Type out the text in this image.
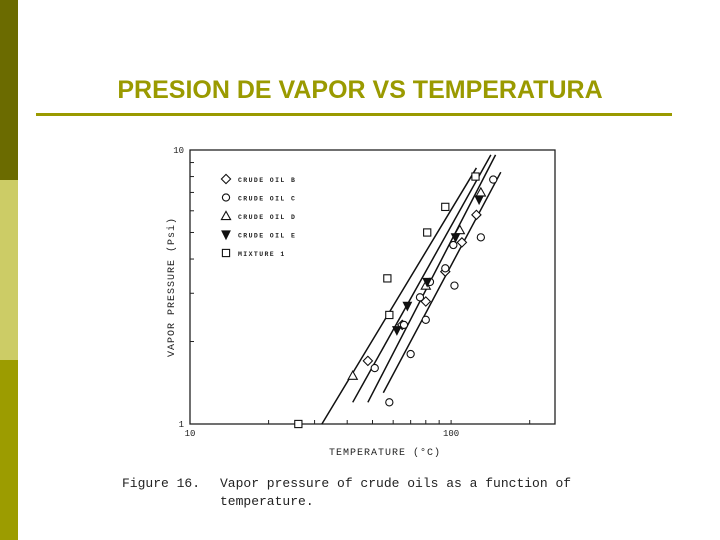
PRESION DE VAPOR VS TEMPERATURA
CRUDE OIL B
CRUDE OIL C
CRUDE OIL D
CRUDE OIL E
MIXTURE 1
10	100
1
10
TEMPERATURE (°C)
VAPOR PRESSURE (Psi)
Figure 16. Vapor pressure of crude oils as a function of
temperature.
